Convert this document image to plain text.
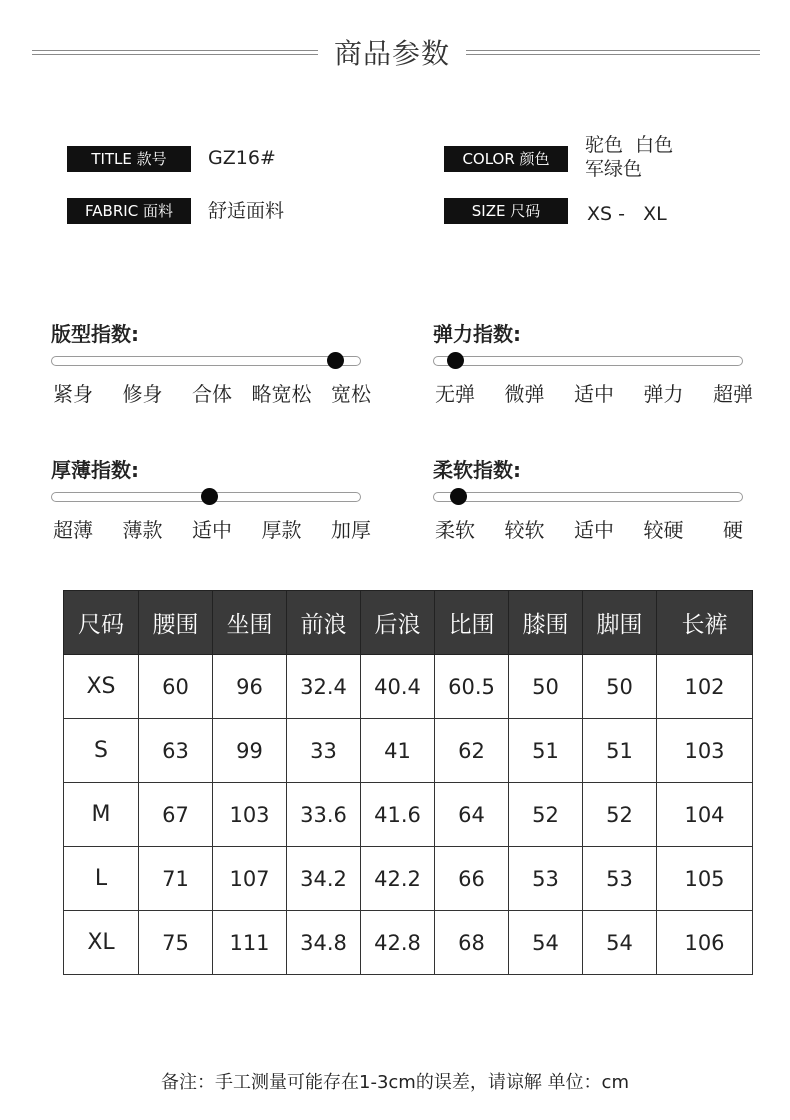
商品参数
TITLE 款号	GZ16#	COLOR 颜色
驼色  白色
军绿色
FABRIC 面料	舒适面料	SIZE 尺码	XS -   XL
版型指数:
紧身 修身 合体 略宽松 宽松
弹力指数:
无弹 微弹 适中 弹力 超弹
厚薄指数:
超薄 薄款 适中 厚款 加厚
柔软指数:
柔软 较软 适中 较硬 硬
尺码	腰围	坐围	前浪	后浪	比围	膝围	脚围	长裤
XS	60	96	32.4	40.4	60.5	50	50	102
S	63	99	33	41	62	51	51	103
M	67	103	33.6	41.6	64	52	52	104
L	71	107	34.2	42.2	66	53	53	105
XL	75	111	34.8	42.8	68	54	54	106
备注：手工测量可能存在1-3cm的误差，请谅解 单位：cm
